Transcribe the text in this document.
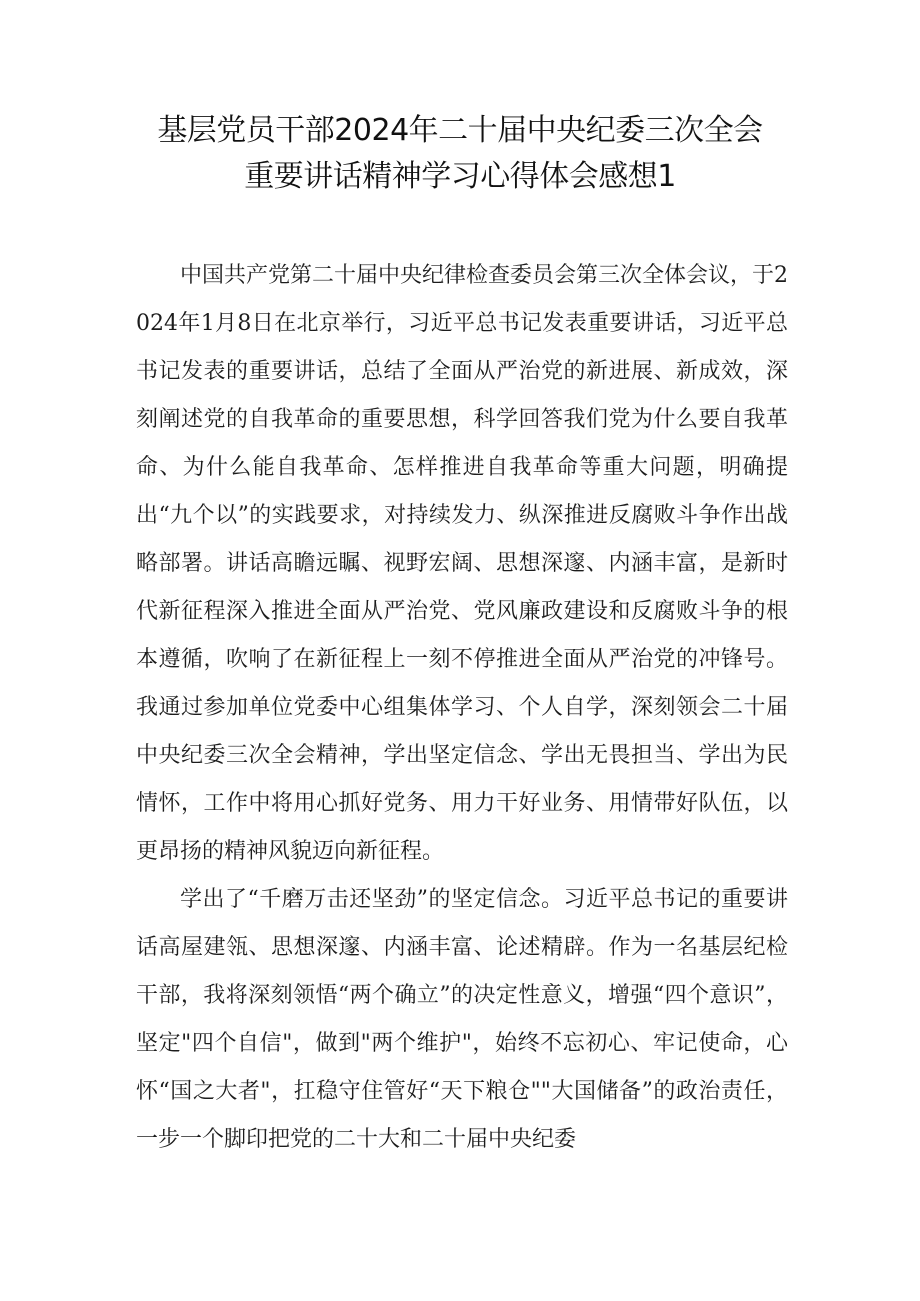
基层党员干部2024年二十届中央纪委三次全会
重要讲话精神学习心得体会感想1

中国共产党第二十届中央纪律检查委员会第三次全体会议，于2024年1月8日在北京举行，习近平总书记发表重要讲话，习近平总书记发表的重要讲话，总结了全面从严治党的新进展、新成效，深刻阐述党的自我革命的重要思想，科学回答我们党为什么要自我革命、为什么能自我革命、怎样推进自我革命等重大问题，明确提出“九个以”的实践要求，对持续发力、纵深推进反腐败斗争作出战略部署。讲话高瞻远瞩、视野宏阔、思想深邃、内涵丰富，是新时代新征程深入推进全面从严治党、党风廉政建设和反腐败斗争的根本遵循，吹响了在新征程上一刻不停推进全面从严治党的冲锋号。我通过参加单位党委中心组集体学习、个人自学，深刻领会二十届中央纪委三次全会精神，学出坚定信念、学出无畏担当、学出为民情怀，工作中将用心抓好党务、用力干好业务、用情带好队伍，以更昂扬的精神风貌迈向新征程。

学出了“千磨万击还坚劲”的坚定信念。习近平总书记的重要讲话高屋建瓴、思想深邃、内涵丰富、论述精辟。作为一名基层纪检干部，我将深刻领悟“两个确立”的决定性意义，增强“四个意识”，坚定"四个自信"，做到"两个维护"，始终不忘初心、牢记使命，心怀“国之大者"，扛稳守住管好“天下粮仓""大国储备”的政治责任，一步一个脚印把党的二十大和二十届中央纪委
